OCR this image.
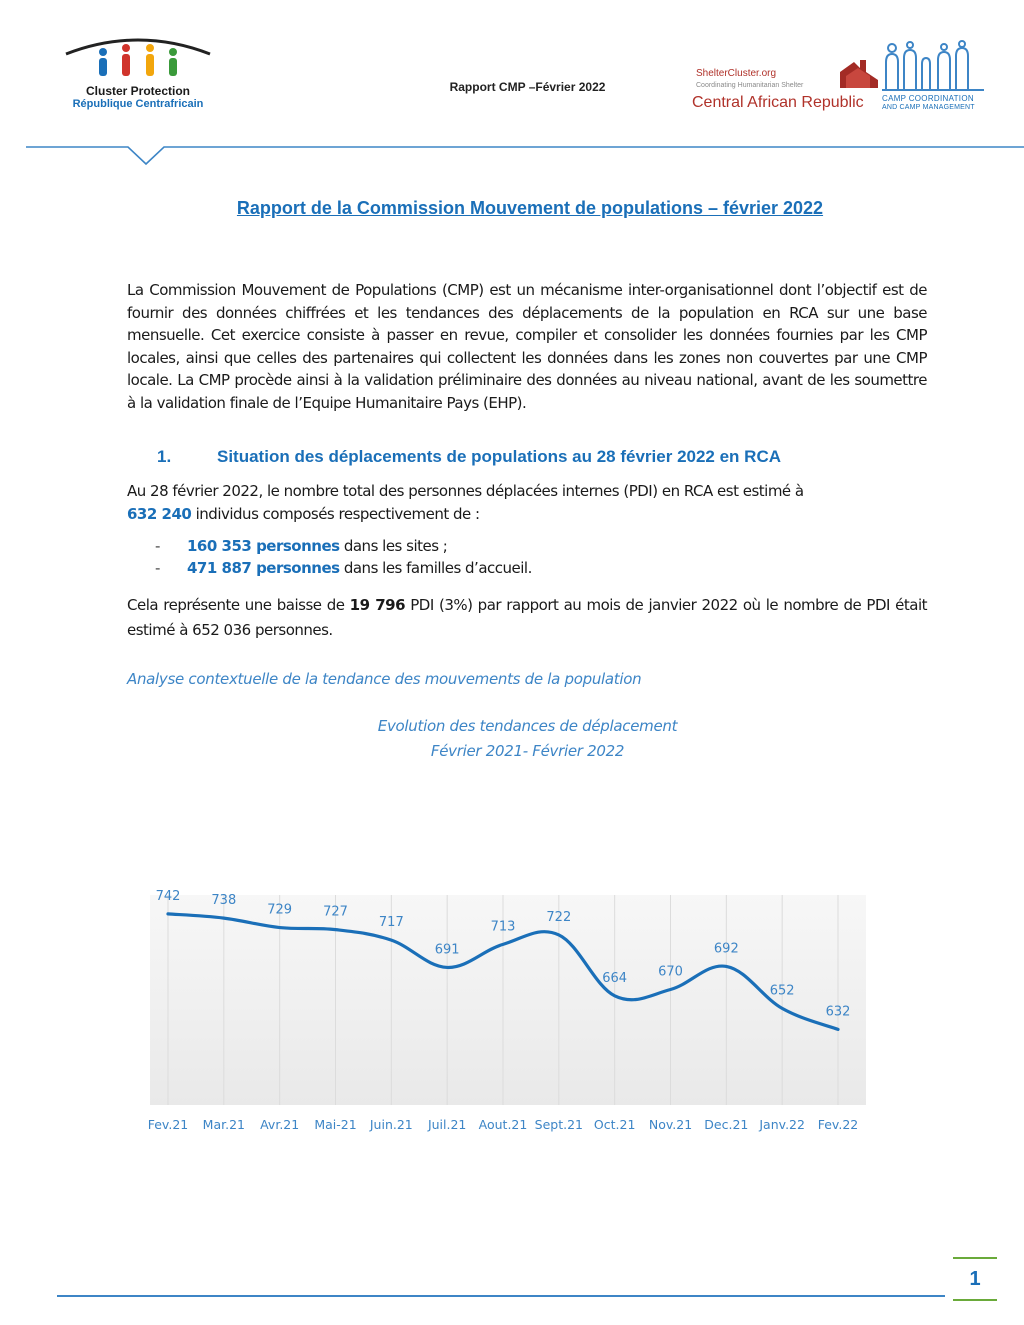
Cluster Protection
République Centrafricain
Rapport CMP –Février 2022
ShelterCluster.org
Coordinating Humanitarian Shelter
Central African Republic CAMP COORDINATION
AND CAMP MANAGEMENT
Rapport de la Commission Mouvement de populations – février 2022
La Commission Mouvement de Populations (CMP) est un mécanisme inter-organisationnel dont l’objectif est de fournir des données chiffrées et les tendances des déplacements de la population en RCA sur une base mensuelle. Cet exercice consiste à passer en revue, compiler et consolider les données fournies par les CMP locales, ainsi que celles des partenaires qui collectent les données dans les zones non couvertes par une CMP locale. La CMP procède ainsi à la validation préliminaire des données au niveau national, avant de les soumettre à la validation finale de l’Equipe Humanitaire Pays (EHP).
1.	Situation des déplacements de populations au 28 février 2022 en RCA
Au 28 février 2022, le nombre total des personnes déplacées internes (PDI) en RCA est estimé à
632 240 individus composés respectivement de :
- 160 353 personnes dans les sites ;
- 471 887 personnes dans les familles d’accueil.
Cela représente une baisse de 19 796 PDI (3%) par rapport au mois de janvier 2022 où le nombre de PDI était estimé à 652 036 personnes.
Analyse contextuelle de la tendance des mouvements de la population
Evolution des tendances de déplacement
Février 2021- Février 2022
742 738
729 727
717
691
713
722
664 670
692
652
632
Fev.21 Mar.21 Avr.21 Mai-21 Juin.21 Juil.21 Aout.21 Sept.21 Oct.21 Nov.21 Dec.21 Janv.22 Fev.22
1
